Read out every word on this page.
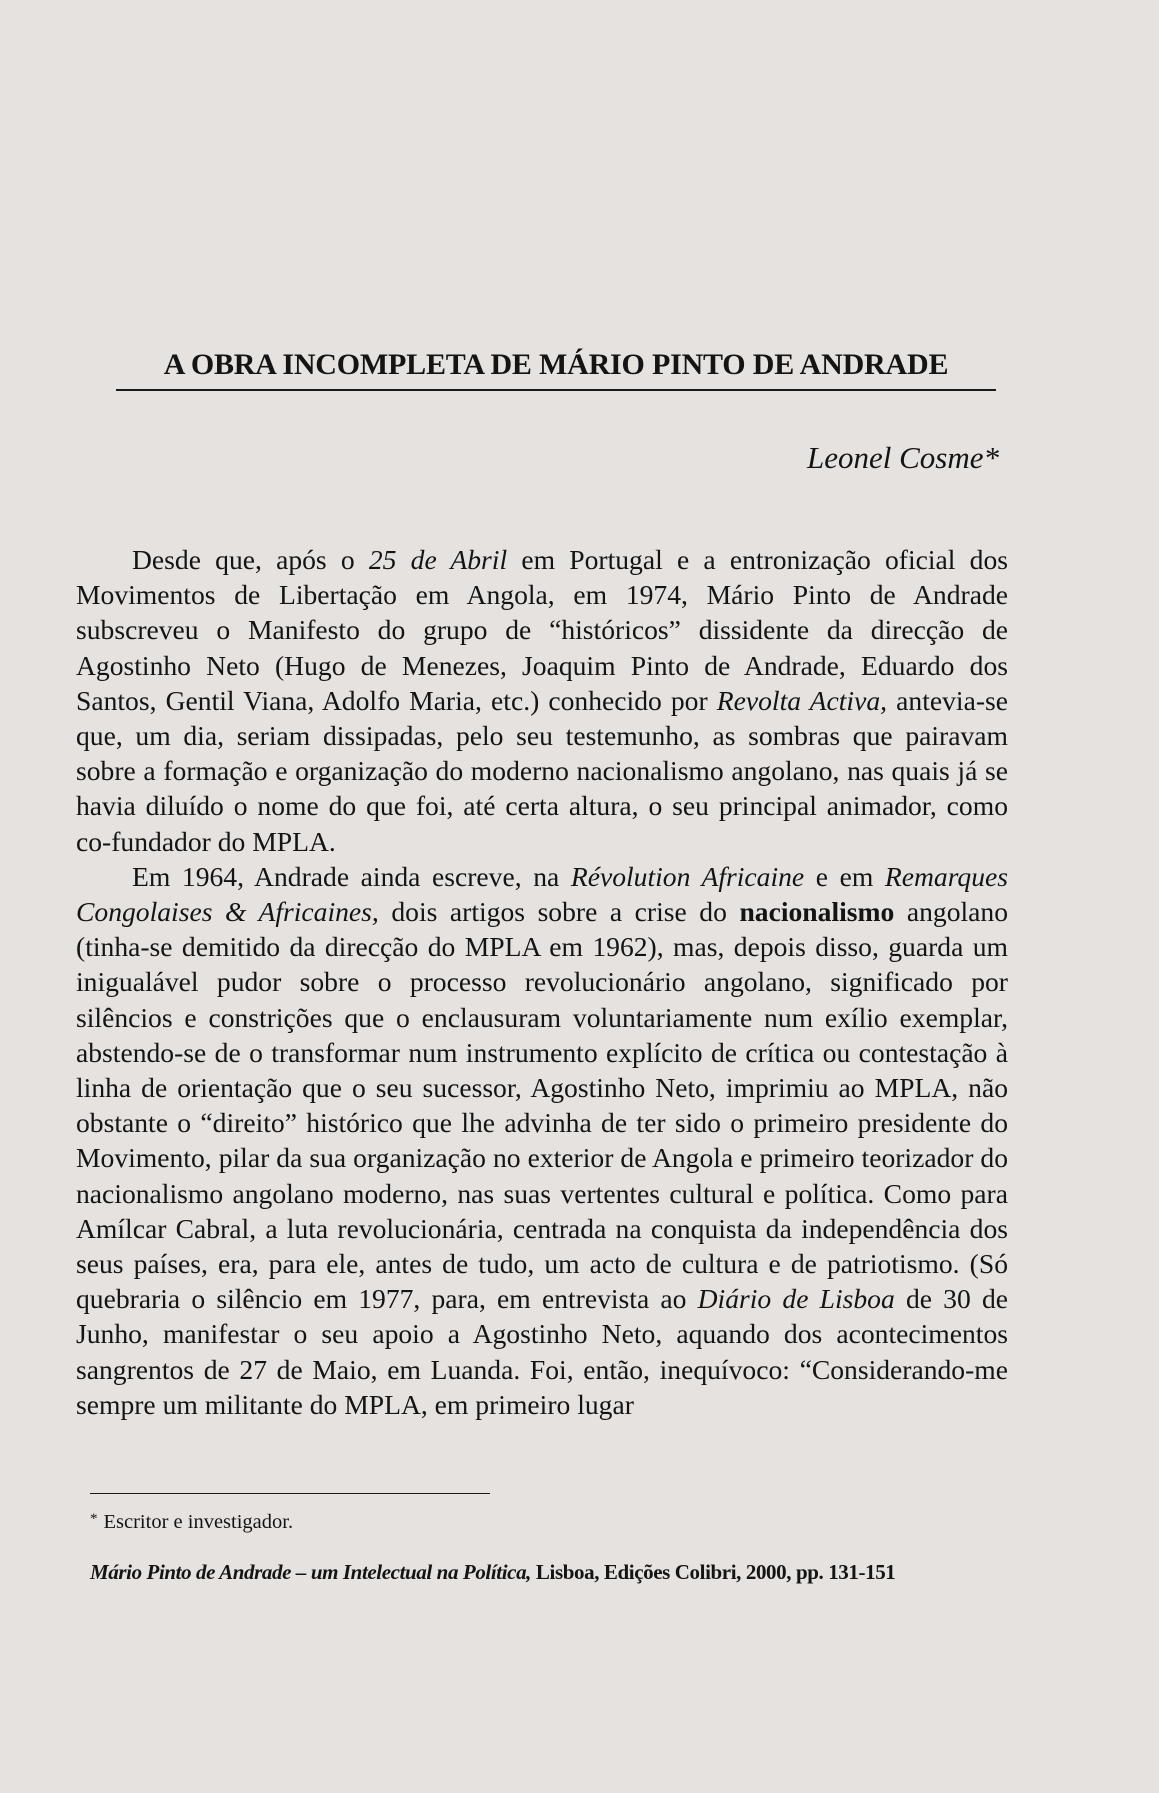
A OBRA INCOMPLETA DE MÁRIO PINTO DE ANDRADE
Leonel Cosme*

Desde que, após o 25 de Abril em Portugal e a entronização oficial dos Movimentos de Libertação em Angola, em 1974, Mário Pinto de Andrade subscreveu o Manifesto do grupo de “históricos” dissidente da direcção de Agostinho Neto (Hugo de Menezes, Joaquim Pinto de Andrade, Eduardo dos Santos, Gentil Viana, Adolfo Maria, etc.) conhecido por Revolta Activa, antevia-se que, um dia, seriam dissipadas, pelo seu testemunho, as sombras que pairavam sobre a formação e organização do moderno nacionalismo angolano, nas quais já se havia diluído o nome do que foi, até certa altura, o seu principal animador, como co-fundador do MPLA.

Em 1964, Andrade ainda escreve, na Révolution Africaine e em Remarques Congolaises & Africaines, dois artigos sobre a crise do nacionalismo angolano (tinha-se demitido da direcção do MPLA em 1962), mas, depois disso, guarda um inigualável pudor sobre o processo revolucionário angolano, significado por silêncios e constrições que o enclausuram voluntariamente num exílio exemplar, abstendo-se de o transformar num instrumento explícito de crítica ou contestação à linha de orientação que o seu sucessor, Agostinho Neto, imprimiu ao MPLA, não obstante o “direito” histórico que lhe advinha de ter sido o primeiro presidente do Movimento, pilar da sua organização no exterior de Angola e primeiro teorizador do nacionalismo angolano moderno, nas suas vertentes cultural e política. Como para Amílcar Cabral, a luta revolucionária, centrada na conquista da independência dos seus países, era, para ele, antes de tudo, um acto de cultura e de patriotismo. (Só quebraria o silêncio em 1977, para, em entrevista ao Diário de Lisboa de 30 de Junho, manifestar o seu apoio a Agostinho Neto, aquando dos acontecimentos sangrentos de 27 de Maio, em Luanda. Foi, então, inequívoco: “Considerando-me sempre um militante do MPLA, em primeiro lugar

* Escritor e investigador.
Mário Pinto de Andrade – um Intelectual na Política, Lisboa, Edições Colibri, 2000, pp. 131-151
